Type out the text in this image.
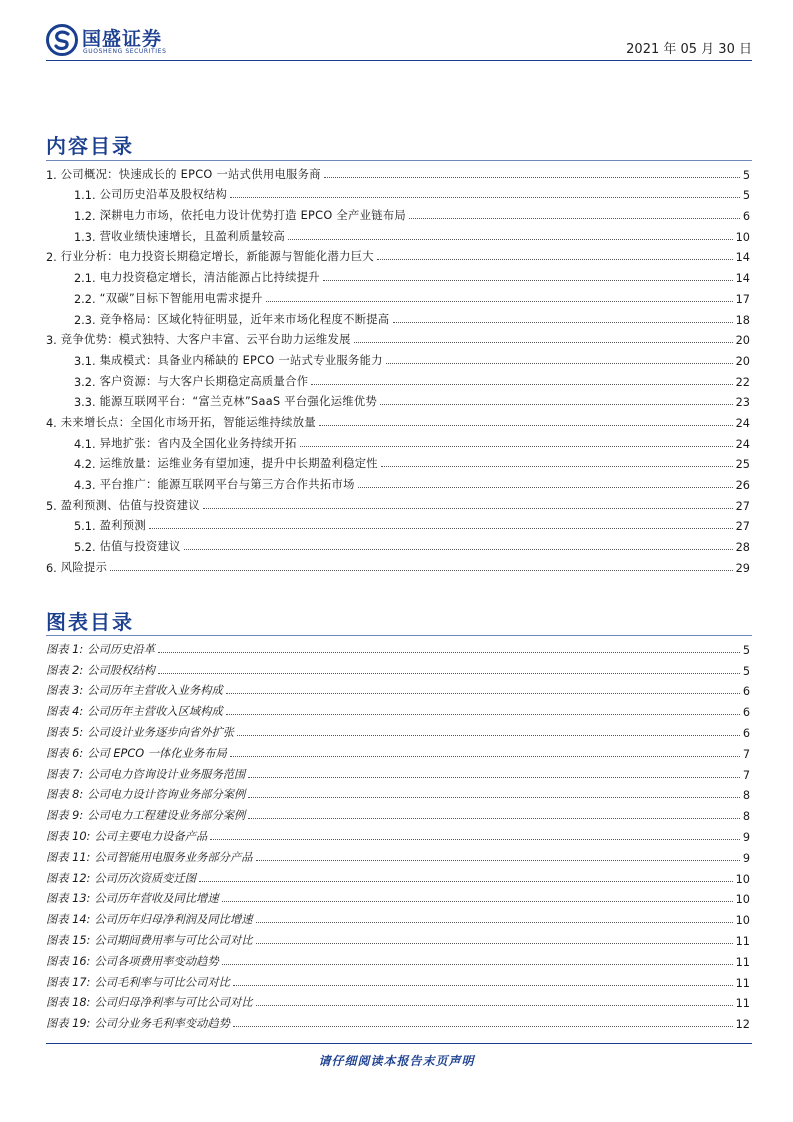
国盛证券
GUOSHENG SECURITIES	2021 年 05 月 30 日
内容目录
1. 公司概况：快速成长的 EPCO 一站式供用电服务商	5
1.1. 公司历史沿革及股权结构	5
1.2. 深耕电力市场，依托电力设计优势打造 EPCO 全产业链布局	6
1.3. 营收业绩快速增长，且盈利质量较高	10
2. 行业分析：电力投资长期稳定增长，新能源与智能化潜力巨大	14
2.1. 电力投资稳定增长，清洁能源占比持续提升	14
2.2. “双碳”目标下智能用电需求提升	17
2.3. 竞争格局：区域化特征明显，近年来市场化程度不断提高	18
3. 竞争优势：模式独特、大客户丰富、云平台助力运维发展	20
3.1. 集成模式：具备业内稀缺的 EPCO 一站式专业服务能力	20
3.2. 客户资源：与大客户长期稳定高质量合作	22
3.3. 能源互联网平台：“富兰克林”SaaS 平台强化运维优势	23
4. 未来增长点：全国化市场开拓，智能运维持续放量	24
4.1. 异地扩张：省内及全国化业务持续开拓	24
4.2. 运维放量：运维业务有望加速，提升中长期盈利稳定性	25
4.3. 平台推广：能源互联网平台与第三方合作共拓市场	26
5. 盈利预测、估值与投资建议	27
5.1. 盈利预测	27
5.2. 估值与投资建议	28
6. 风险提示	29
图表目录
图表 1: 公司历史沿革	5
图表 2: 公司股权结构	5
图表 3: 公司历年主营收入业务构成	6
图表 4: 公司历年主营收入区域构成	6
图表 5: 公司设计业务逐步向省外扩张	6
图表 6: 公司 EPCO 一体化业务布局	7
图表 7: 公司电力咨询设计业务服务范围	7
图表 8: 公司电力设计咨询业务部分案例	8
图表 9: 公司电力工程建设业务部分案例	8
图表 10: 公司主要电力设备产品	9
图表 11: 公司智能用电服务业务部分产品	9
图表 12: 公司历次资质变迁图	10
图表 13: 公司历年营收及同比增速	10
图表 14: 公司历年归母净利润及同比增速	10
图表 15: 公司期间费用率与可比公司对比	11
图表 16: 公司各项费用率变动趋势	11
图表 17: 公司毛利率与可比公司对比	11
图表 18: 公司归母净利率与可比公司对比	11
图表 19: 公司分业务毛利率变动趋势	12
请仔细阅读本报告末页声明
